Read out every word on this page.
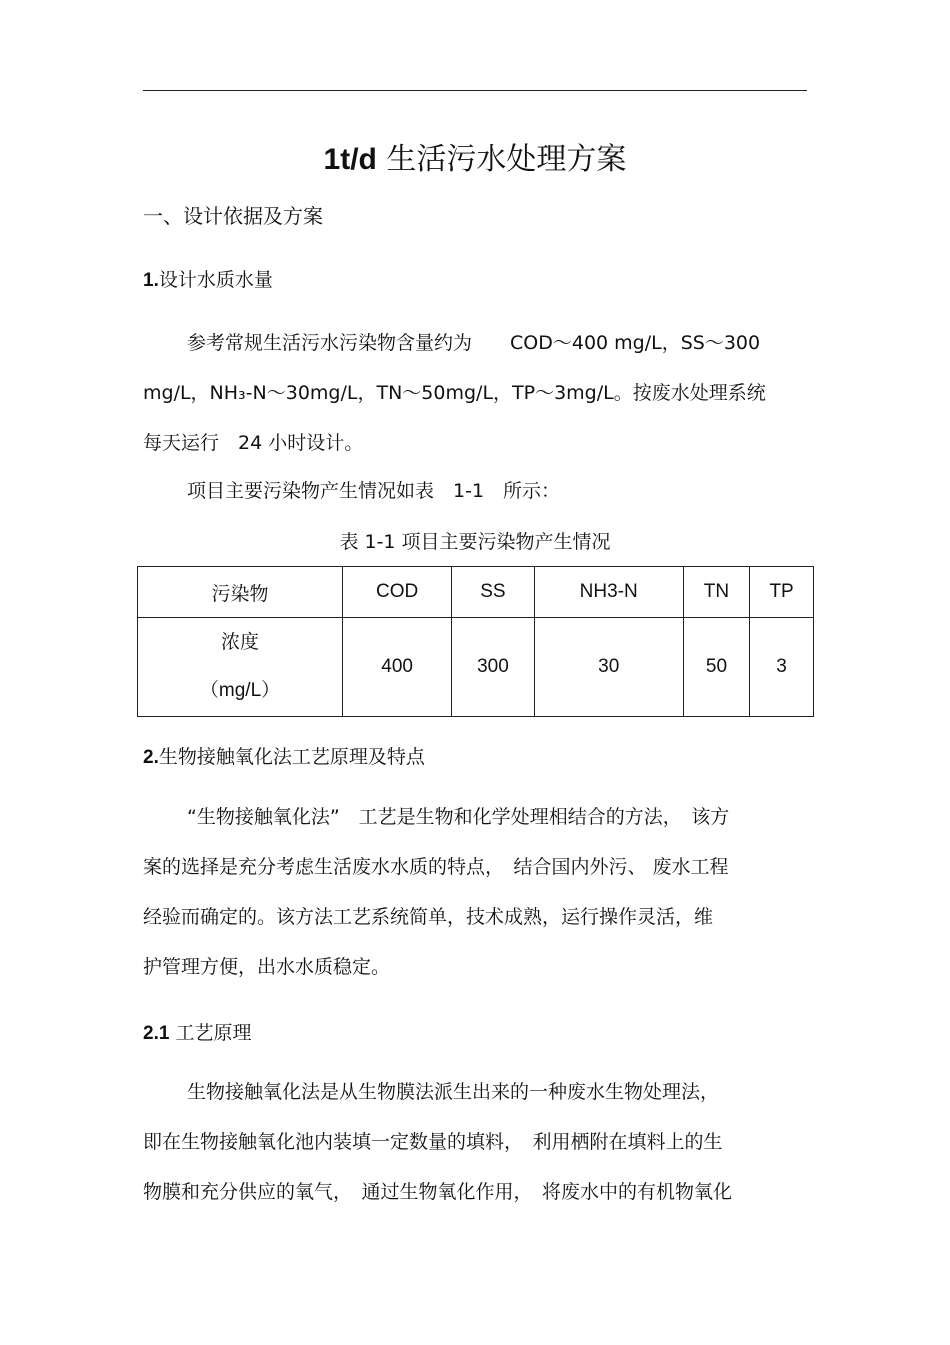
1t/d 生活污水处理方案
一、设计依据及方案
1.设计水质水量
参考常规生活污水污染物含量约为　　COD～400 mg/L，SS～300
mg/L，NH₃-N～30mg/L，TN～50mg/L，TP～3mg/L。按废水处理系统
每天运行　24 小时设计。
项目主要污染物产生情况如表　1-1　所示：
表 1-1 项目主要污染物产生情况
污染物	COD	SS	NH3-N	TN	TP

浓度
（mg/L）	400	300	30	50	3
2.生物接触氧化法工艺原理及特点
“生物接触氧化法”　工艺是生物和化学处理相结合的方法，　该方
案的选择是充分考虑生活废水水质的特点，　结合国内外污、 废水工程
经验而确定的。该方法工艺系统简单，技术成熟，运行操作灵活，维
护管理方便，出水水质稳定。
2.1 工艺原理
生物接触氧化法是从生物膜法派生出来的一种废水生物处理法，
即在生物接触氧化池内装填一定数量的填料，　利用栖附在填料上的生
物膜和充分供应的氧气，　通过生物氧化作用，　将废水中的有机物氧化
